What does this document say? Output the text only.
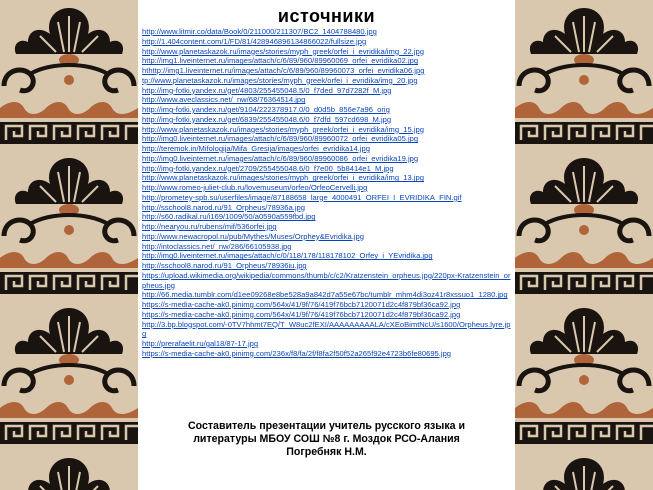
источники
http://www.litmir.co/data/Book/0/211000/211307/BC2_1404788480.jpg
http://1.404content.com/1/FD/81/428946896134866022/fullsize.jpg
http://www.planetaskazok.ru/images/stories/myph_greek/orfei_i_evridika/img_22.jpg
http://img1.liveinternet.ru/images/attach/c/6/89/960/89960069_orfei_evridika02.jpg
hthttp://img1.liveinternet.ru/images/attach/c/6/89/960/89960073_orfei_evridika06.jpg
tp://www.planetaskazok.ru/images/stories/myph_greek/orfei_i_evridika/img_20.jpg
http://img-fotki.yandex.ru/get/4803/255455048.5/0_f7ded_97d7282f_M.jpg
http://www.aveclassics.net/_nw/68/76364514.jpg
http://img-fotki.yandex.ru/get/9104/222378917.0/0_d0d5b_856e7a96_orig
http://img-fotki.yandex.ru/get/6839/255455048.6/0_f7dfd_597cd698_M.jpg
http://www.planetaskazok.ru/images/stories/myph_greek/orfei_i_evridika/img_15.jpg
http://img0.liveinternet.ru/images/attach/c/6/89/960/89960072_orfei_evridika05.jpg
http://teremok.in/Mifologija/Mifa_Gresija/images/orfei_evridika14.jpg
http://img0.liveinternet.ru/images/attach/c/6/89/960/89960086_orfei_evridika19.jpg
http://img-fotki.yandex.ru/get/2709/255455048.6/0_f7e00_5b8414e1_M.jpg
http://www.planetaskazok.ru/images/stories/myph_greek/orfei_i_evridika/img_13.jpg
http://www.romeo-juliet-club.ru/lovemuseum/orfeo/OrfeoCervelli.jpg
http://prometey-spb.su/userfiles/image/87188658_large_4000491_ORFEI_I_EVRIDIKA_FIN.gif
http://sschool8.narod.ru/91_Orpheus/78936a.jpg
http://s60.radikal.ru/i169/1009/50/a0590a559fbd.jpg
http://nearyou.ru/rubens/mif/536orfei.jpg
http://www.newacropol.ru/pub/Mythes/Muses/Orphey&Evridika.jpg
http://intoclassics.net/_nw/286/66105938.jpg
http://img0.liveinternet.ru/images/attach/c/0/118/178/118178102_Orfey_i_YEvridika.jpg
http://sschool8.narod.ru/91_Orpheus/78936iu.jpg
https://upload.wikimedia.org/wikipedia/commons/thumb/c/c2/Kratzenstein_orpheus.jpg/220px-Kratzenstein_orpheus.jpg
http://66.media.tumblr.com/d1ee09268e8be528a9a842d7a55e67bc/tumblr_mhm4di3oz41r8xssuo1_1280.jpg
https://s-media-cache-ak0.pinimg.com/564x/41/9f/76/419f76bcb7120071d2c4f879bf36ca92.jpg
https://s-media-cache-ak0.pinimg.com/564x/41/9f/76/419f76bcb7120071d2c4f879bf36ca92.jpg
http://3.bp.blogspot.com/-0TV7hhmt7EQ/T_W8uc2fEXI/AAAAAAAAALA/cXEoBimtNcU/s1600/Orpheus.lyre.jpg
http://prerafaelit.ru/gal18/87-17.jpg
https://s-media-cache-ak0.pinimg.com/236x/f8/fa/2f/f8fa2f50f52a265f92e4723b6fe80695.jpg
Составитель презентации учитель русского языка и
литературы МБОУ СОШ №8 г. Моздок РСО-Алания
Погребняк Н.М.
